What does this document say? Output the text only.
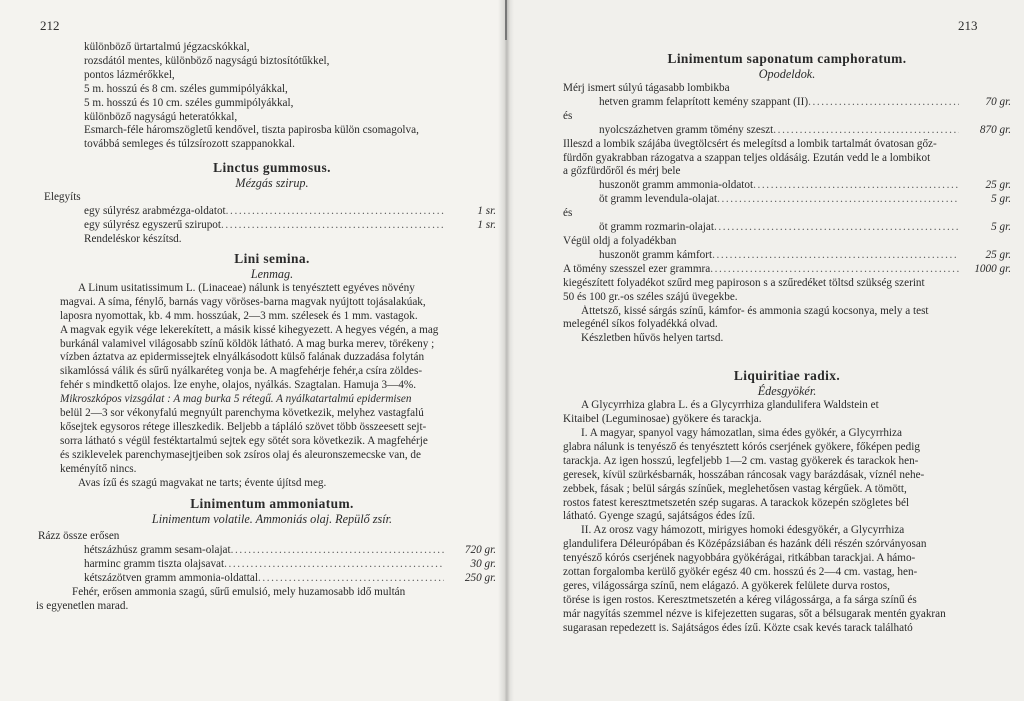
212
különböző ürtartalmú jégzacskókkal,
rozsdától mentes, különböző nagyságú biztosítótűkkel,
pontos lázmérőkkel,
5 m. hosszú és 8 cm. széles gummipólyákkal,
5 m. hosszú és 10 cm. széles gummipólyákkal,
különböző nagyságú heteratókkal,
Esmarch-féle háromszögletű kendővel, tiszta papirosba külön csomagolva,
továbbá semleges és túlzsírozott szappanokkal.
Linctus gummosus.
Mézgás szirup.
Elegyíts
egy súlyrész arabmézga-oldatot .....	1 sr.
egy súlyrész egyszerű szirupot .....	1 sr.
Rendeléskor készítsd.
Lini semina.
Lenmag.
A Linum usitatissimum L. (Linaceae) nálunk is tenyésztett egyéves növény
magvai. A síma, fénylő, barnás vagy vöröses-barna magvak nyújtott tojásalakúak,
laposra nyomottak, kb. 4 mm. hosszúak, 2—3 mm. szélesek és 1 mm. vastagok.
A magvak egyik vége lekerekített, a másik kissé kihegyezett. A hegyes végén, a mag
burkánál valamivel világosabb színű köldök látható. A mag burka merev, törékeny ;
vízben áztatva az epidermissejtek elnyálkásodott külső falának duzzadása folytán
sikamlóssá válik és sűrű nyálkaréteg vonja be. A magfehérje fehér,a csíra zöldes-
fehér s mindkettő olajos. Íze enyhe, olajos, nyálkás. Szagtalan. Hamuja 3—4%.
Mikroszkópos vizsgálat : A mag burka 5 rétegű. A nyálkatartalmú epidermisen
belül 2—3 sor vékonyfalú megnyúlt parenchyma következik, melyhez vastagfalú
kősejtek egysoros rétege illeszkedik. Beljebb a tápláló szövet több összeesett sejt-
sorra látható s végül festéktartalmú sejtek egy sötét sora következik. A magfehérje
és sziklevelek parenchymasejtjeiben sok zsíros olaj és aleuronszemecske van, de
keményítő nincs.
Avas ízű és szagú magvakat ne tarts; évente újítsd meg.
Linimentum ammoniatum.
Linimentum volatile. Ammoniás olaj. Repülő zsír.
Rázz össze erősen
hétszázhúsz gramm sesam-olajat .....	720 gr.
harminc gramm tiszta olajsavat .....	30 gr.
kétszázötven gramm ammonia-oldattal .....	250 gr.
Fehér, erősen ammonia szagú, sűrű emulsió, mely huzamosabb idő multán
is egyenetlen marad.
213
Linimentum saponatum camphoratum.
Opodeldok.
Mérj ismert súlyú tágasabb lombikba
hetven gramm felaprított kemény szappant (II) .....	70 gr.
és
nyolcszázhetven gramm tömény szeszt .....	870 gr.
Illeszd a lombik szájába üvegtölcsért és melegítsd a lombik tartalmát óvatosan gőz-
fürdőn gyakrabban rázogatva a szappan teljes oldásáig. Ezután vedd le a lombikot
a gőzfürdőről és mérj bele
huszonöt gramm ammonia-oldatot .....	25 gr.
öt gramm levendula-olajat .....	5 gr.
és
öt gramm rozmarin-olajat .....	5 gr.
Végül oldj a folyadékban
huszonöt gramm kámfort .....	25 gr.
A tömény szesszel ezer grammra .....	1000 gr.
kiegészített folyadékot szűrd meg papiroson s a szűredéket töltsd szükség szerint
50 és 100 gr.-os széles szájú üvegekbe.
Áttetsző, kissé sárgás színű, kámfor- és ammonia szagú kocsonya, mely a test
melegénél síkos folyadékká olvad.
Készletben hűvös helyen tartsd.
Liquiritiae radix.
Édesgyökér.
A Glycyrrhiza glabra L. és a Glycyrrhiza glandulifera Waldstein et
Kitaibel (Leguminosae) gyökere és tarackja.
I. A magyar, spanyol vagy hámozatlan, sima édes gyökér, a Glycyrrhiza
glabra nálunk is tenyésző és tenyésztett kórós cserjének gyökere, főképen pedig
tarackja. Az igen hosszú, legfeljebb 1—2 cm. vastag gyökerek és tarackok hen-
geresek, kívül szürkésbarnák, hosszában ráncosak vagy barázdásak, víznél nehe-
zebbek, fásak ; belül sárgás színűek, meglehetősen vastag kérgűek. A tömött,
rostos fatest keresztmetszetén szép sugaras. A tarackok közepén szögletes bél
látható. Gyenge szagú, sajátságos édes ízű.
II. Az orosz vagy hámozott, mirigyes homoki édesgyökér, a Glycyrrhiza
glandulifera Déleurópában és Középázsiában és hazánk déli részén szórványosan
tenyésző kórós cserjének nagyobbára gyökérágai, ritkábban tarackjai. A hámo-
zottan forgalomba kerülő gyökér egész 40 cm. hosszú és 2—4 cm. vastag, hen-
geres, világossárga színű, nem elágazó. A gyökerek felülete durva rostos,
törése is igen rostos. Keresztmetszetén a kéreg világossárga, a fa sárga színű és
már nagyítás szemmel nézve is kifejezetten sugaras, sőt a bélsugarak mentén gyakran
sugarasan repedezett is. Sajátságos édes ízű. Közte csak kevés tarack található
